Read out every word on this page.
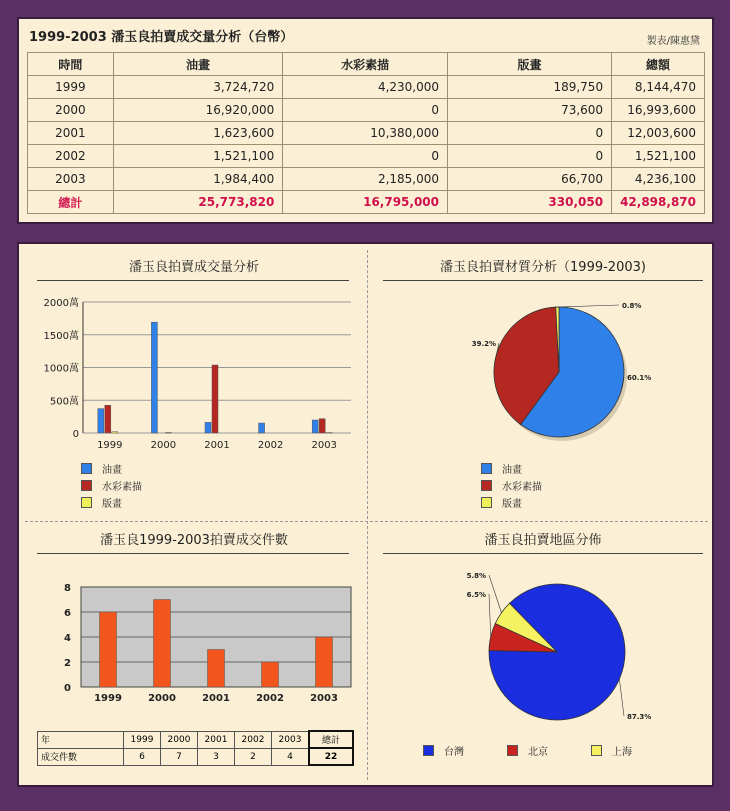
1999-2003 潘玉良拍賣成交量分析（台幣）	製表/陳惠黛
時間	油畫	水彩素描	版畫	總額
1999	3,724,720	4,230,000	189,750	8,144,470
2000	16,920,000	0	73,600	16,993,600
2001	1,623,600	10,380,000	0	12,003,600
2002	1,521,100	0	0	1,521,100
2003	1,984,400	2,185,000	66,700	4,236,100
總計	25,773,820	16,795,000	330,050	42,898,870
潘玉良拍賣成交量分析
0
500萬
1000萬
1500萬
2000萬
1999	2000	2001	2002	2003
油畫
水彩素描
版畫
潘玉良拍賣材質分析（1999-2003)
60.1%
39.2%
0.8%
油畫
水彩素描
版畫
潘玉良1999-2003拍賣成交件數
0
2
4
6
8
1999	2000	2001	2002	2003
年	1999	2000	2001	2002	2003	總計
成交件數	6	7	3	2	4	22
潘玉良拍賣地區分佈
87.3%
6.5%
5.8%
台灣	北京	上海
